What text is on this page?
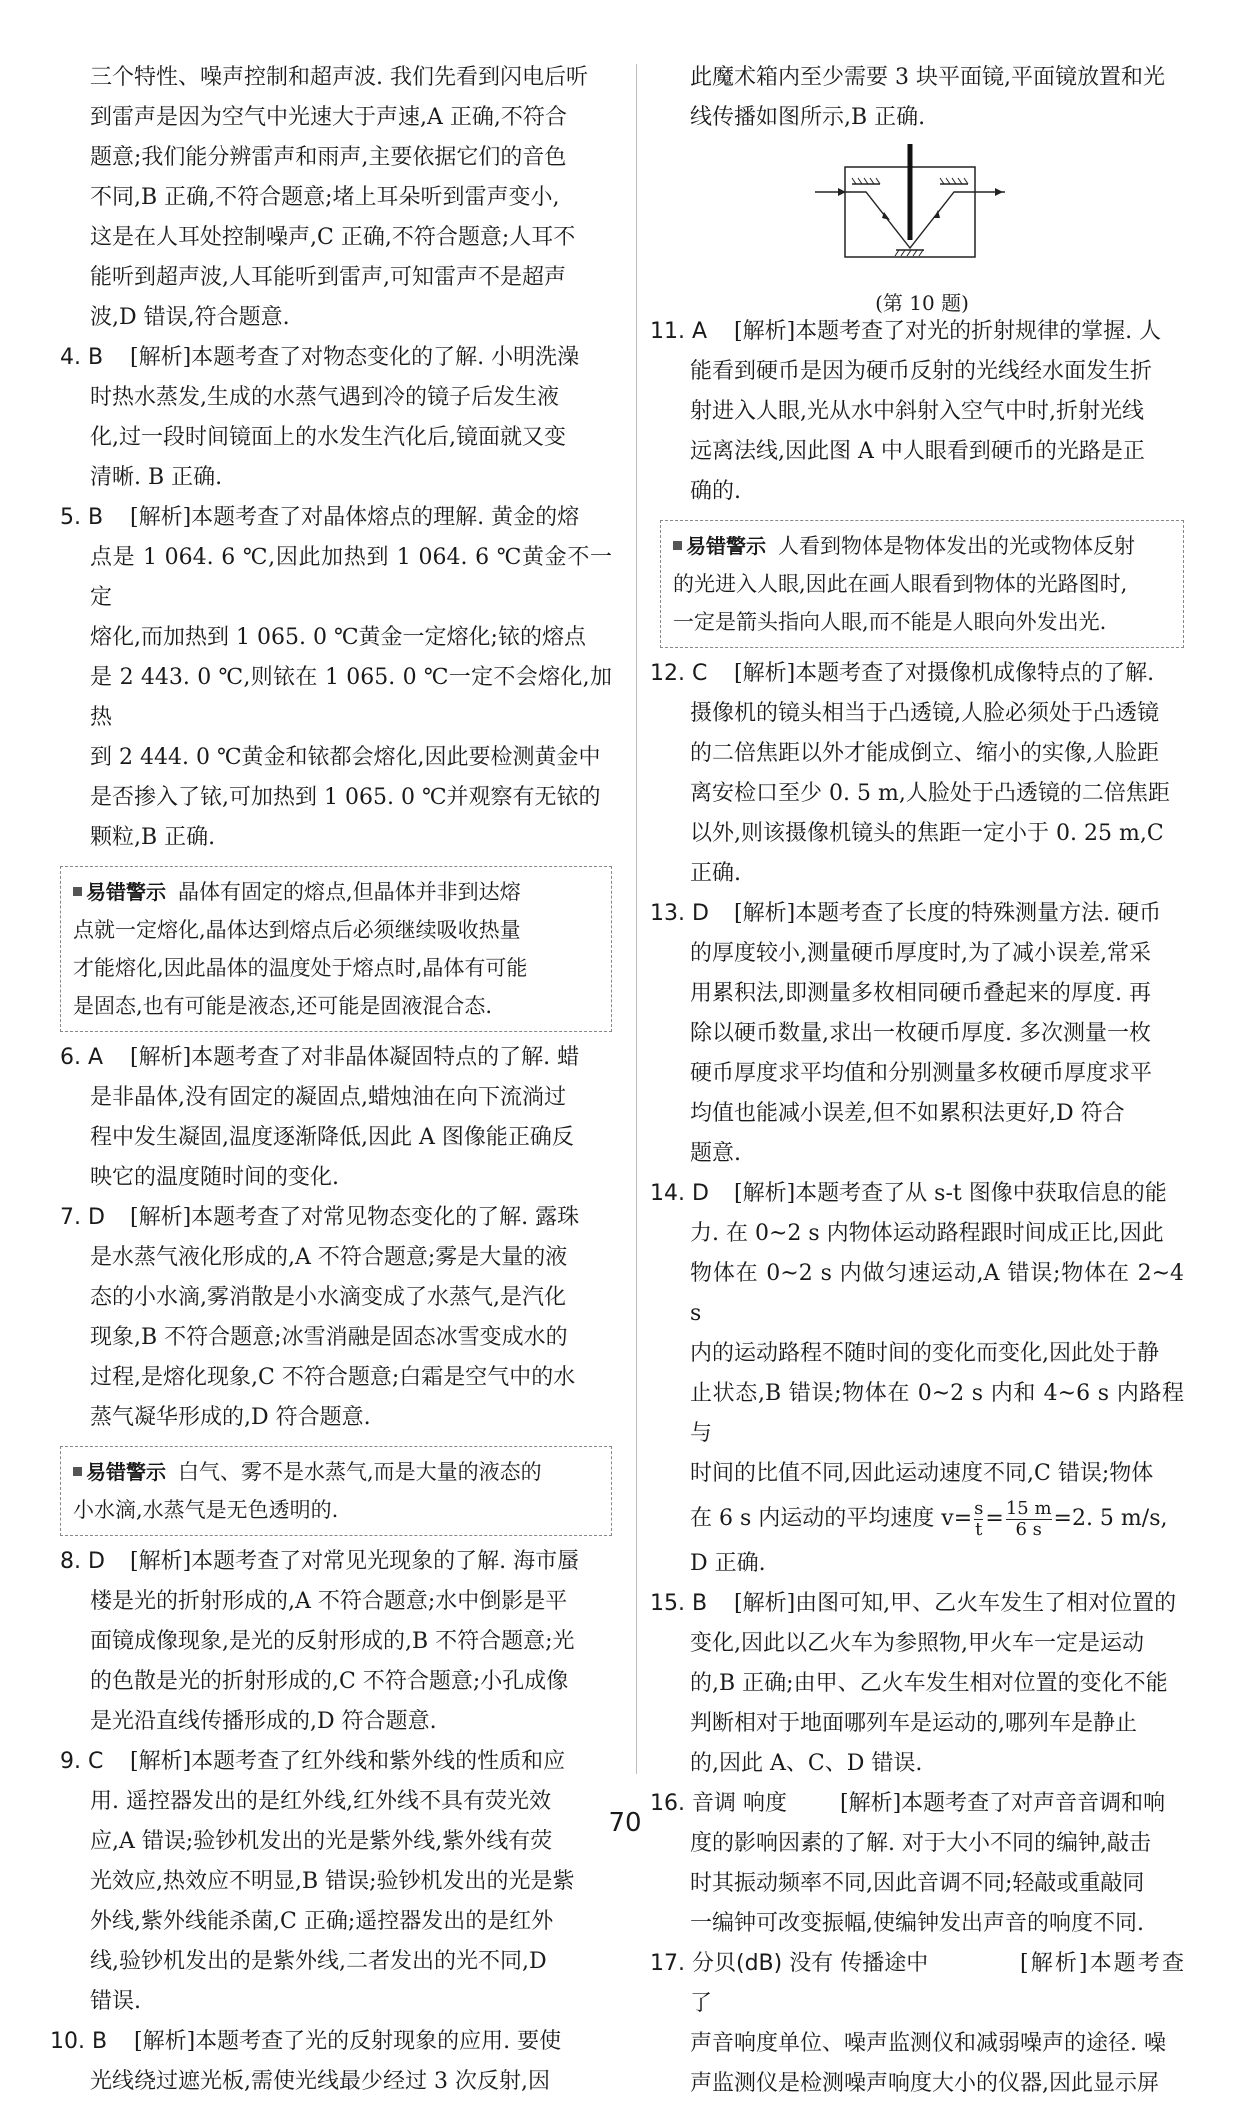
三个特性、噪声控制和超声波. 我们先看到闪电后听

到雷声是因为空气中光速大于声速,A 正确,不符合

题意;我们能分辨雷声和雨声,主要依据它们的音色

不同,B 正确,不符合题意;堵上耳朵听到雷声变小,

这是在人耳处控制噪声,C 正确,不符合题意;人耳不

能听到超声波,人耳能听到雷声,可知雷声不是超声

波,D 错误,符合题意.

4. B [解析]本题考查了对物态变化的了解. 小明洗澡

时热水蒸发,生成的水蒸气遇到冷的镜子后发生液

化,过一段时间镜面上的水发生汽化后,镜面就又变

清晰. B 正确.

5. B [解析]本题考查了对晶体熔点的理解. 黄金的熔

点是 1 064. 6 ℃,因此加热到 1 064. 6 ℃黄金不一定

熔化,而加热到 1 065. 0 ℃黄金一定熔化;铱的熔点

是 2 443. 0 ℃,则铱在 1 065. 0 ℃一定不会熔化,加热

到 2 444. 0 ℃黄金和铱都会熔化,因此要检测黄金中

是否掺入了铱,可加热到 1 065. 0 ℃并观察有无铱的

颗粒,B 正确.

易错警示 晶体有固定的熔点,但晶体并非到达熔

点就一定熔化,晶体达到熔点后必须继续吸收热量

才能熔化,因此晶体的温度处于熔点时,晶体有可能

是固态,也有可能是液态,还可能是固液混合态.

6. A [解析]本题考查了对非晶体凝固特点的了解. 蜡

是非晶体,没有固定的凝固点,蜡烛油在向下流淌过

程中发生凝固,温度逐渐降低,因此 A 图像能正确反

映它的温度随时间的变化.

7. D [解析]本题考查了对常见物态变化的了解. 露珠

是水蒸气液化形成的,A 不符合题意;雾是大量的液

态的小水滴,雾消散是小水滴变成了水蒸气,是汽化

现象,B 不符合题意;冰雪消融是固态冰雪变成水的

过程,是熔化现象,C 不符合题意;白霜是空气中的水

蒸气凝华形成的,D 符合题意.

易错警示 白气、雾不是水蒸气,而是大量的液态的

小水滴,水蒸气是无色透明的.

8. D [解析]本题考查了对常见光现象的了解. 海市蜃

楼是光的折射形成的,A 不符合题意;水中倒影是平

面镜成像现象,是光的反射形成的,B 不符合题意;光

的色散是光的折射形成的,C 不符合题意;小孔成像

是光沿直线传播形成的,D 符合题意.

9. C [解析]本题考查了红外线和紫外线的性质和应

用. 遥控器发出的是红外线,红外线不具有荧光效

应,A 错误;验钞机发出的光是紫外线,紫外线有荧

光效应,热效应不明显,B 错误;验钞机发出的光是紫

外线,紫外线能杀菌,C 正确;遥控器发出的是红外

线,验钞机发出的是紫外线,二者发出的光不同,D

错误.

10. B [解析]本题考查了光的反射现象的应用. 要使

光线绕过遮光板,需使光线最少经过 3 次反射,因

此魔术箱内至少需要 3 块平面镜,平面镜放置和光

线传播如图所示,B 正确.

(第 10 题)

11. A [解析]本题考查了对光的折射规律的掌握. 人

能看到硬币是因为硬币反射的光线经水面发生折

射进入人眼,光从水中斜射入空气中时,折射光线

远离法线,因此图 A 中人眼看到硬币的光路是正

确的.

易错警示 人看到物体是物体发出的光或物体反射

的光进入人眼,因此在画人眼看到物体的光路图时,

一定是箭头指向人眼,而不能是人眼向外发出光.

12. C [解析]本题考查了对摄像机成像特点的了解.

摄像机的镜头相当于凸透镜,人脸必须处于凸透镜

的二倍焦距以外才能成倒立、缩小的实像,人脸距

离安检口至少 0. 5 m,人脸处于凸透镜的二倍焦距

以外,则该摄像机镜头的焦距一定小于 0. 25 m,C

正确.

13. D [解析]本题考查了长度的特殊测量方法. 硬币

的厚度较小,测量硬币厚度时,为了减小误差,常采

用累积法,即测量多枚相同硬币叠起来的厚度. 再

除以硬币数量,求出一枚硬币厚度. 多次测量一枚

硬币厚度求平均值和分别测量多枚硬币厚度求平

均值也能减小误差,但不如累积法更好,D 符合

题意.

14. D [解析]本题考查了从 s-t 图像中获取信息的能

力. 在 0~2 s 内物体运动路程跟时间成正比,因此

物体在 0~2 s 内做匀速运动,A 错误;物体在 2~4 s

内的运动路程不随时间的变化而变化,因此处于静

止状态,B 错误;物体在 0~2 s 内和 4~6 s 内路程与

时间的比值不同,因此运动速度不同,C 错误;物体

在 6 s 内运动的平均速度 $v= \frac{s}{t} = \frac{15 m}{6 s} =2$. 5 m/s,

D 正确.

15. B [解析]由图可知,甲、乙火车发生了相对位置的

变化,因此以乙火车为参照物,甲火车一定是运动

的,B 正确;由甲、乙火车发生相对位置的变化不能

判断相对于地面哪列车是运动的,哪列车是静止

的,因此 A、C、D 错误.

16. 音调 响度 [解析]本题考查了对声音音调和响

度的影响因素的了解. 对于大小不同的编钟,敲击

时其振动频率不同,因此音调不同;轻敲或重敲同

一编钟可改变振幅,使编钟发出声音的响度不同.

17. 分贝(dB) 没有 传播途中	[解析]本题考查了

声音响度单位、噪声监测仪和减弱噪声的途径. 噪

声监测仪是检测噪声响度大小的仪器,因此显示屏

70
